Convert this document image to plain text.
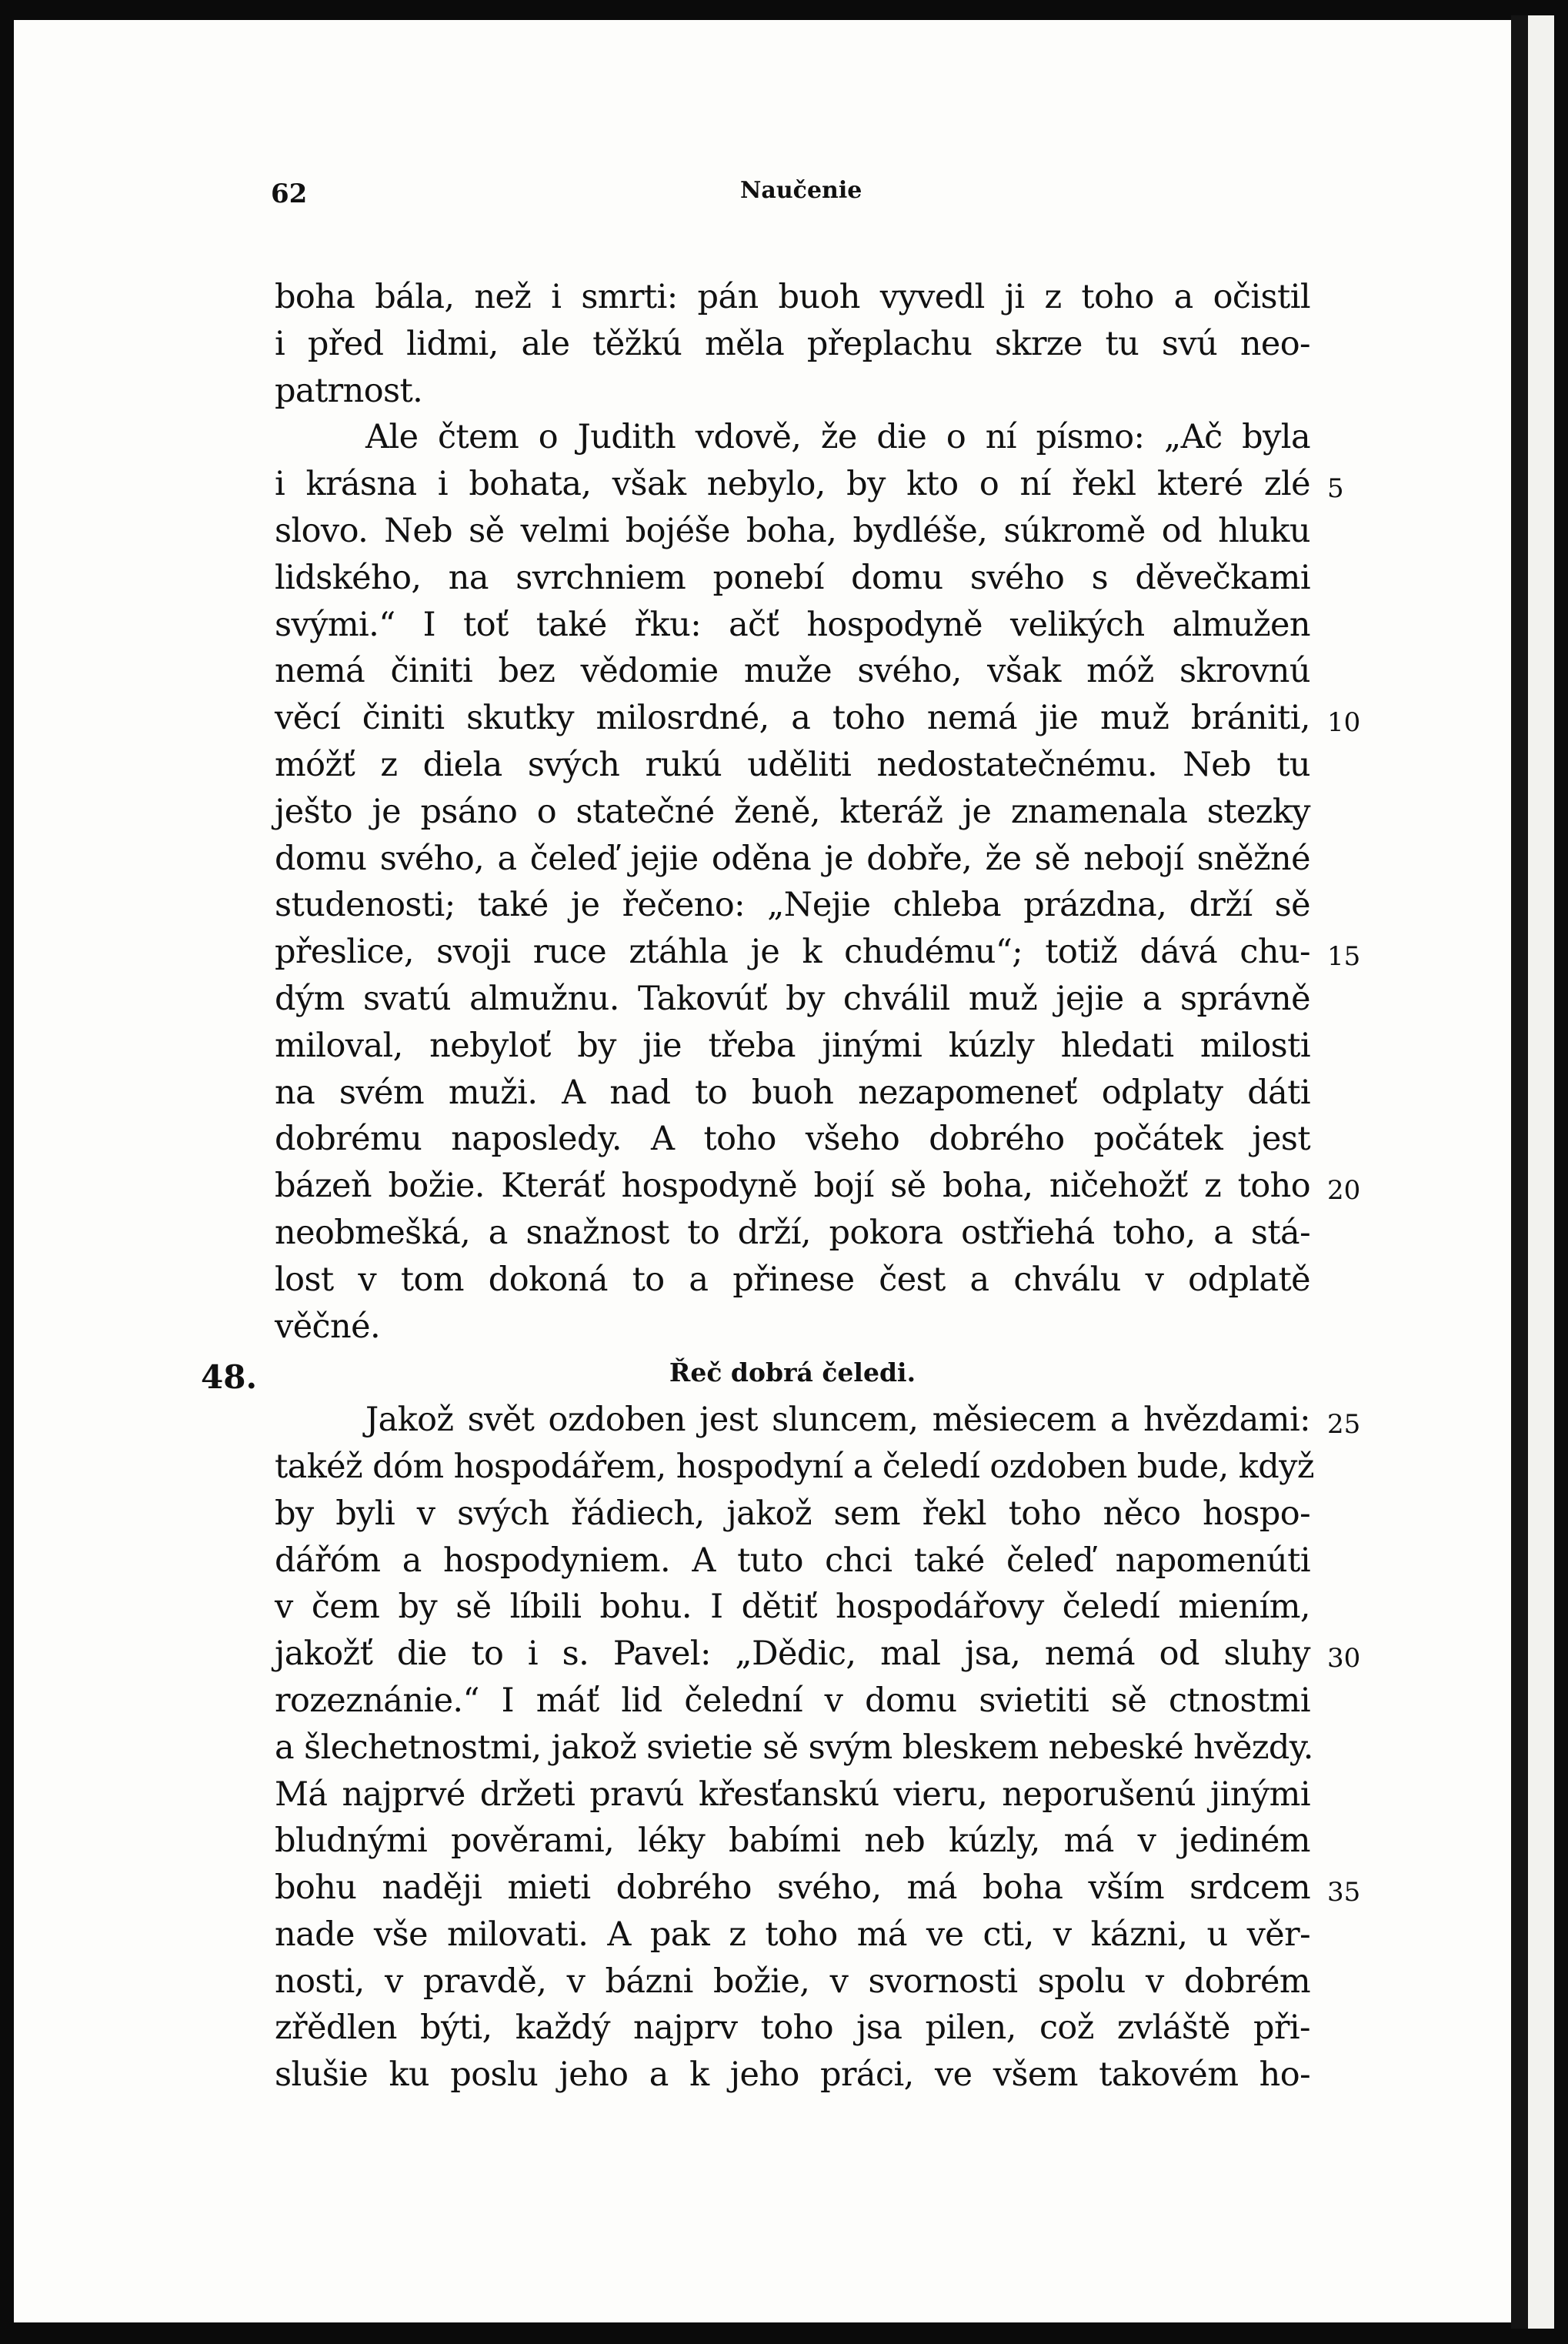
62	Naučenie
boha bála, než i smrti: pán buoh vyvedl ji z toho a očistil
i před lidmi, ale těžkú měla přeplachu skrze tu svú neo-
patrnost.
Ale čtem o Judith vdově, že die o ní písmo: „Ač byla
i krásna i bohata, však nebylo, by kto o ní řekl které zlé 5
slovo. Neb sě velmi bojéše boha, bydléše, súkromě od hluku
lidského, na svrchniem ponebí domu svého s děvečkami
svými.“ I toť také řku: ačť hospodyně velikých almužen
nemá činiti bez vědomie muže svého, však móž skrovnú
věcí činiti skutky milosrdné, a toho nemá jie muž brániti, 10
móžť z diela svých rukú uděliti nedostatečnému. Neb tu
ješto je psáno o statečné ženě, kteráž je znamenala stezky
domu svého, a čeleď jejie oděna je dobře, že sě nebojí sněžné
studenosti; také je řečeno: „Nejie chleba prázdna, drží sě
přeslice, svoji ruce ztáhla je k chudému“; totiž dává chu- 15
dým svatú almužnu. Takovúť by chválil muž jejie a správně
miloval, nebyloť by jie třeba jinými kúzly hledati milosti
na svém muži. A nad to buoh nezapomeneť odplaty dáti
dobrému naposledy. A toho všeho dobrého počátek jest
bázeň božie. Kteráť hospodyně bojí sě boha, ničehožť z toho 20
neobmešká, a snažnost to drží, pokora ostřiehá toho, a stá-
lost v tom dokoná to a přinese čest a chválu v odplatě
věčné.
48.	Řeč dobrá čeledi.
Jakož svět ozdoben jest sluncem, měsiecem a hvězdami: 25
takéž dóm hospodářem, hospodyní a čeledí ozdoben bude, když
by byli v svých řádiech, jakož sem řekl toho něco hospo-
dářóm a hospodyniem. A tuto chci také čeleď napomenúti
v čem by sě líbili bohu. I dětiť hospodářovy čeledí miením,
jakožť die to i s. Pavel: „Dědic, mal jsa, nemá od sluhy 30
rozeznánie.“ I máť lid čelední v domu svietiti sě ctnostmi
a šlechetnostmi, jakož svietie sě svým bleskem nebeské hvězdy.
Má najprvé držeti pravú křesťanskú vieru, neporušenú jinými
bludnými pověrami, léky babími neb kúzly, má v jediném
bohu naději mieti dobrého svého, má boha vším srdcem 35
nade vše milovati. A pak z toho má ve cti, v kázni, u věr-
nosti, v pravdě, v bázni božie, v svornosti spolu v dobrém
zřědlen býti, každý najprv toho jsa pilen, což zvláště při-
slušie ku poslu jeho a k jeho práci, ve všem takovém ho-
